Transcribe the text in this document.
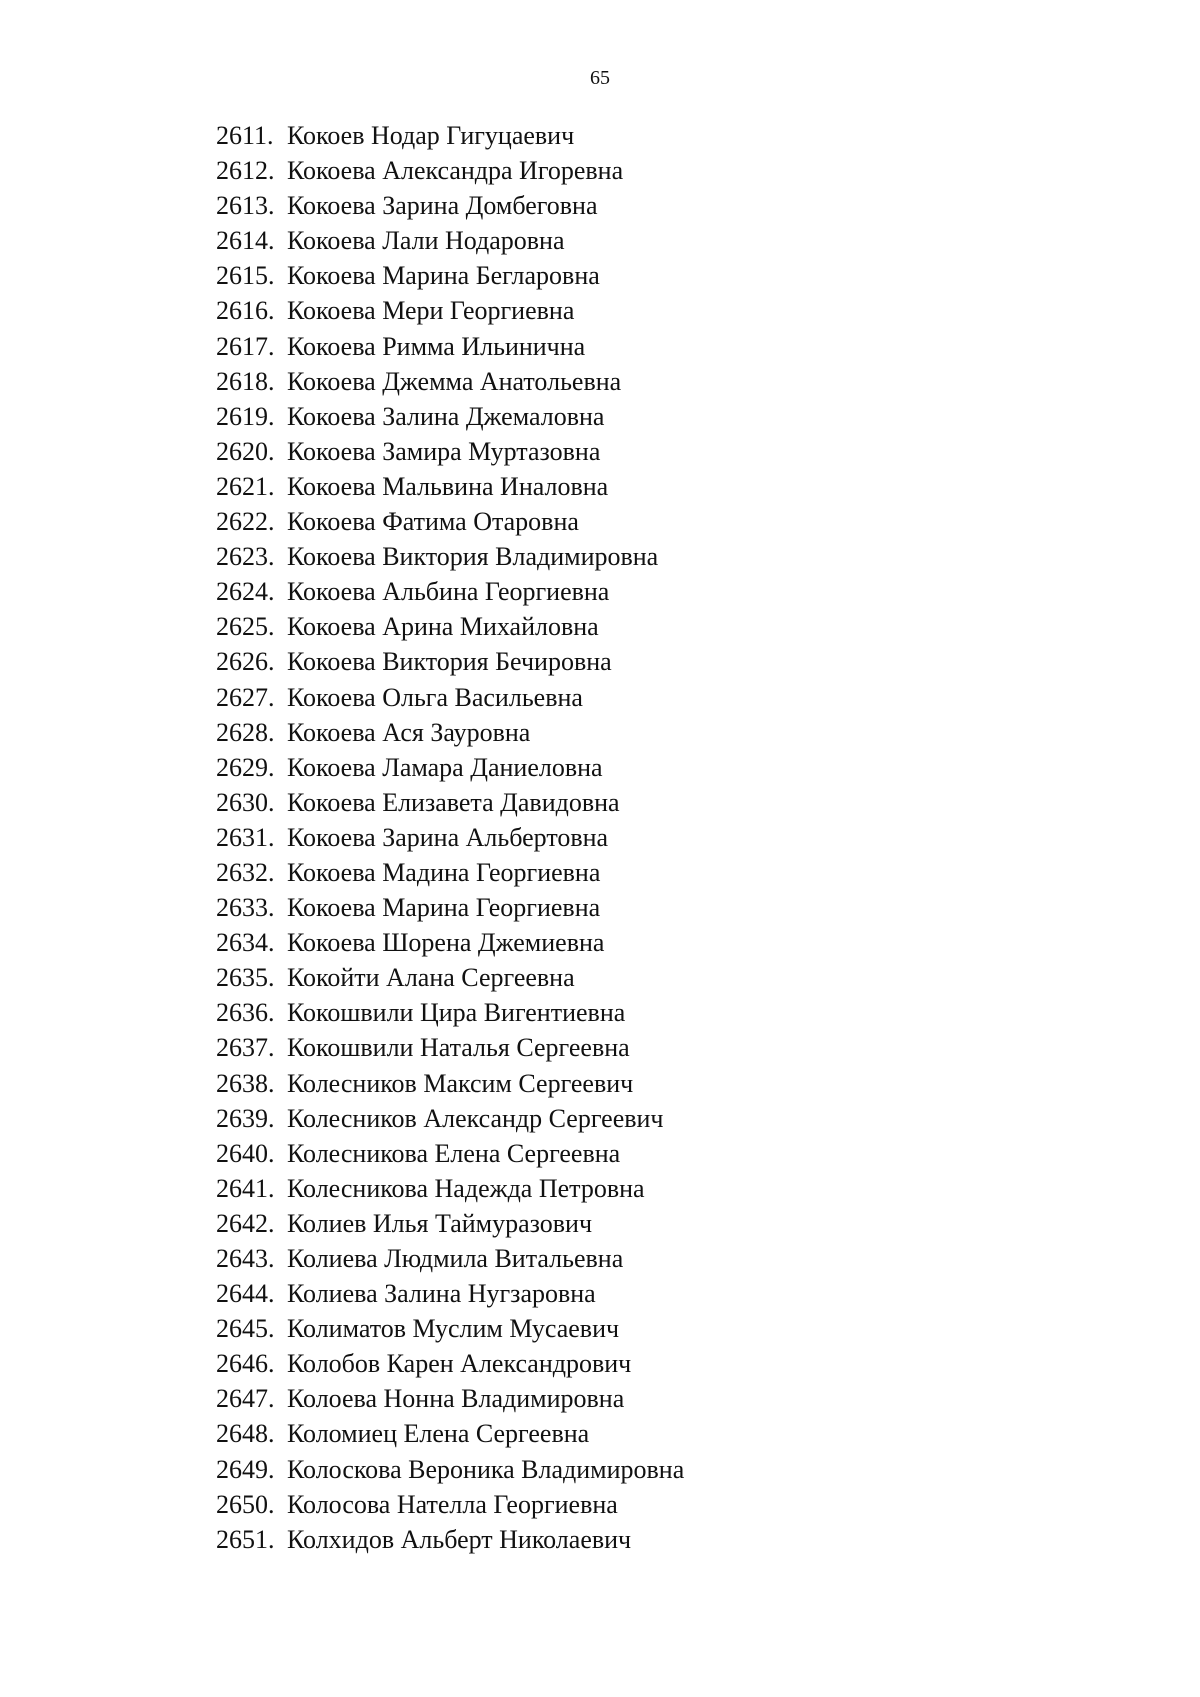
65
2611. Кокоев Нодар Гигуцаевич
2612. Кокоева Александра Игоревна
2613. Кокоева Зарина Домбеговна
2614. Кокоева Лали Нодаровна
2615. Кокоева Марина Бегларовна
2616. Кокоева Мери Георгиевна
2617. Кокоева Римма Ильинична
2618. Кокоева Джемма Анатольевна
2619. Кокоева Залина Джемаловна
2620. Кокоева Замира Муртазовна
2621. Кокоева Мальвина Иналовна
2622. Кокоева Фатима Отаровна
2623. Кокоева Виктория Владимировна
2624. Кокоева Альбина Георгиевна
2625. Кокоева Арина Михайловна
2626. Кокоева Виктория Бечировна
2627. Кокоева Ольга Васильевна
2628. Кокоева Ася Зауровна
2629. Кокоева Ламара Даниеловна
2630. Кокоева Елизавета Давидовна
2631. Кокоева Зарина Альбертовна
2632. Кокоева Мадина Георгиевна
2633. Кокоева Марина Георгиевна
2634. Кокоева Шорена Джемиевна
2635. Кокойти Алана Сергеевна
2636. Кокошвили Цира Вигентиевна
2637. Кокошвили Наталья Сергеевна
2638. Колесников Максим Сергеевич
2639. Колесников Александр Сергеевич
2640. Колесникова Елена Сергеевна
2641. Колесникова Надежда Петровна
2642. Колиев Илья Таймуразович
2643. Колиева Людмила Витальевна
2644. Колиева Залина Нугзаровна
2645. Колиматов Муслим Мусаевич
2646. Колобов Карен Александрович
2647. Колоева Нонна Владимировна
2648. Коломиец Елена Сергеевна
2649. Колоскова Вероника Владимировна
2650. Колосова Нателла Георгиевна
2651. Колхидов Альберт Николаевич
